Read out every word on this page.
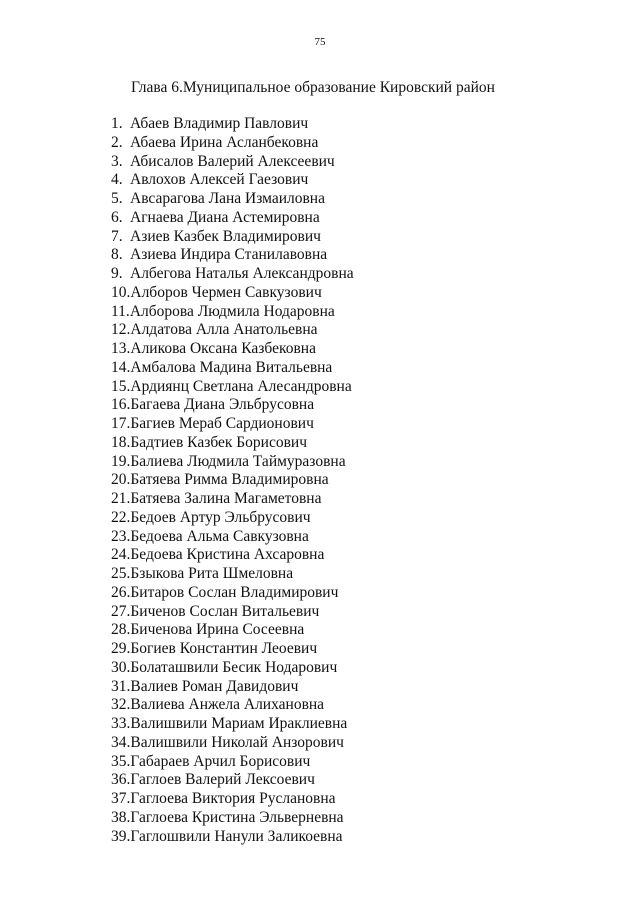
75
Глава 6.Муниципальное образование Кировский район
1. Абаев Владимир Павлович
2. Абаева Ирина Асланбековна
3. Абисалов Валерий Алексеевич
4. Авлохов Алексей Гаезович
5. Авсарагова Лана Измаиловна
6. Агнаева Диана Астемировна
7. Азиев Казбек Владимирович
8. Азиева Индира Станилавовна
9. Албегова Наталья Александровна
10.Алборов Чермен Савкузович
11.Алборова Людмила Нодаровна
12.Алдатова Алла Анатольевна
13.Аликова Оксана Казбековна
14.Амбалова Мадина Витальевна
15.Ардиянц Светлана Алесандровна
16.Багаева Диана Эльбрусовна
17.Багиев Мераб Сардионович
18.Бадтиев Казбек Борисович
19.Балиева Людмила Таймуразовна
20.Батяева Римма Владимировна
21.Батяева Залина Магаметовна
22.Бедоев Артур Эльбрусович
23.Бедоева Альма Савкузовна
24.Бедоева Кристина Ахсаровна
25.Бзыкова Рита Шмеловна
26.Битаров Сослан Владимирович
27.Биченов Сослан Витальевич
28.Биченова Ирина Сосеевна
29.Богиев Константин Леоевич
30.Болаташвили Бесик Нодарович
31.Валиев Роман Давидович
32.Валиева Анжела Алихановна
33.Валишвили Мариам Ираклиевна
34.Валишвили Николай Анзорович
35.Габараев Арчил Борисович
36.Гаглоев Валерий Лексоевич
37.Гаглоева Виктория Руслановна
38.Гаглоева Кристина Эльверневна
39.Гаглошвили Нанули Заликоевна
